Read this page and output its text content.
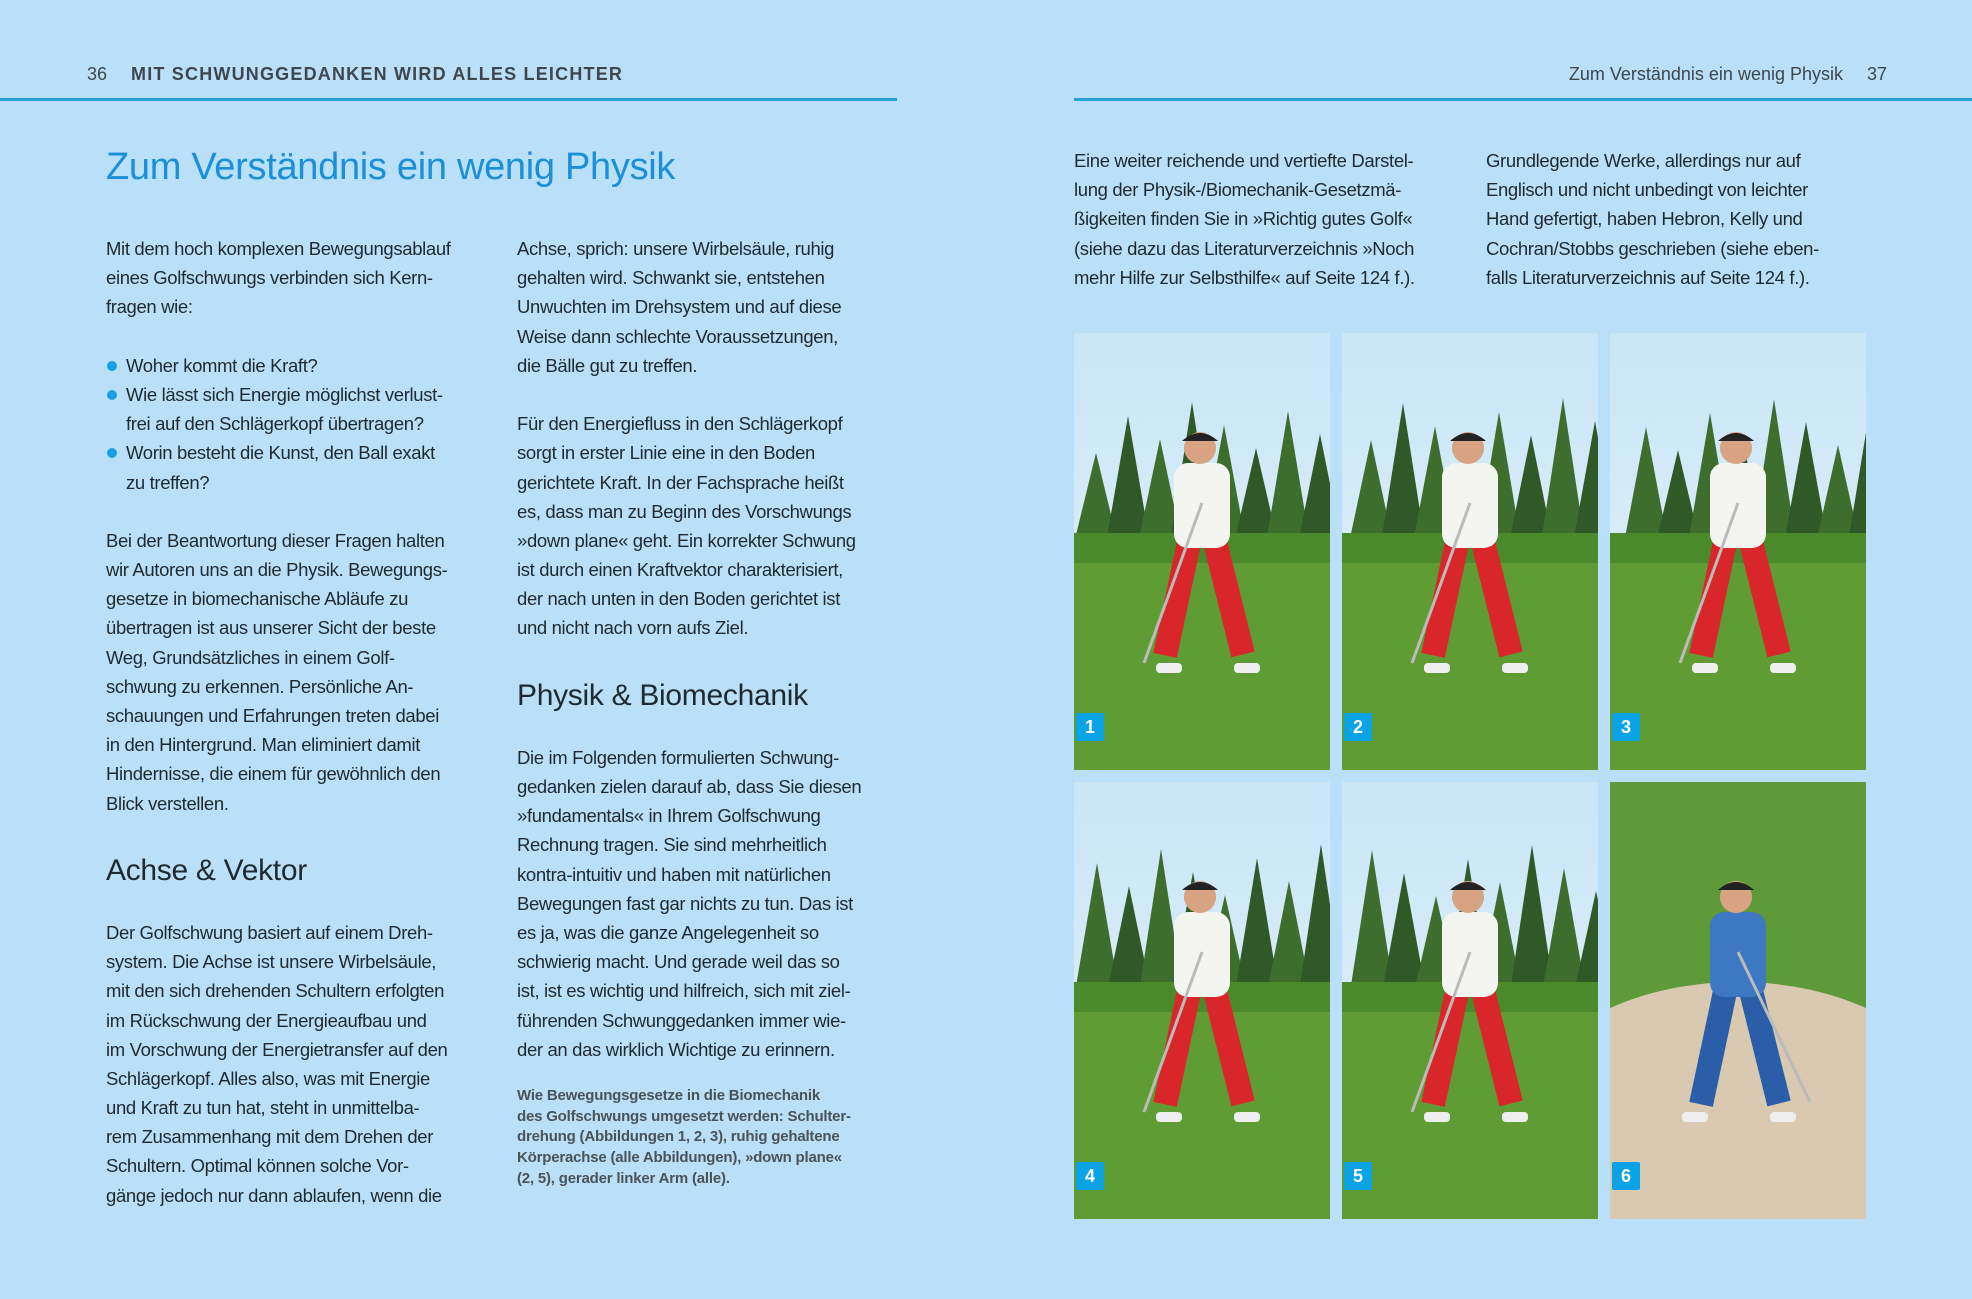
36 MIT SCHWUNGGEDANKEN WIRD ALLES LEICHTER	Zum Verständnis ein wenig Physik 37
Zum Verständnis ein wenig Physik
Mit dem hoch komplexen Bewegungsablauf
eines Golfschwungs verbinden sich Kern-
fragen wie:
Woher kommt die Kraft?
Wie lässt sich Energie möglichst verlust-
frei auf den Schlägerkopf übertragen?
Worin besteht die Kunst, den Ball exakt
zu treffen?
Bei der Beantwortung dieser Fragen halten
wir Autoren uns an die Physik. Bewegungs-
gesetze in biomechanische Abläufe zu
übertragen ist aus unserer Sicht der beste
Weg, Grundsätzliches in einem Golf-
schwung zu erkennen. Persönliche An-
schauungen und Erfahrungen treten dabei
in den Hintergrund. Man eliminiert damit
Hindernisse, die einem für gewöhnlich den
Blick verstellen.
Achse & Vektor
Der Golfschwung basiert auf einem Dreh-
system. Die Achse ist unsere Wirbelsäule,
mit den sich drehenden Schultern erfolgten
im Rückschwung der Energieaufbau und
im Vorschwung der Energietransfer auf den
Schlägerkopf. Alles also, was mit Energie
und Kraft zu tun hat, steht in unmittelba-
rem Zusammenhang mit dem Drehen der
Schultern. Optimal können solche Vor-
gänge jedoch nur dann ablaufen, wenn die
Achse, sprich: unsere Wirbelsäule, ruhig
gehalten wird. Schwankt sie, entstehen
Unwuchten im Drehsystem und auf diese
Weise dann schlechte Voraussetzungen,
die Bälle gut zu treffen.
Für den Energiefluss in den Schlägerkopf
sorgt in erster Linie eine in den Boden
gerichtete Kraft. In der Fachsprache heißt
es, dass man zu Beginn des Vorschwungs
»down plane« geht. Ein korrekter Schwung
ist durch einen Kraftvektor charakterisiert,
der nach unten in den Boden gerichtet ist
und nicht nach vorn aufs Ziel.
Physik & Biomechanik
Die im Folgenden formulierten Schwung-
gedanken zielen darauf ab, dass Sie diesen
»fundamentals« in Ihrem Golfschwung
Rechnung tragen. Sie sind mehrheitlich
kontra-intuitiv und haben mit natürlichen
Bewegungen fast gar nichts zu tun. Das ist
es ja, was die ganze Angelegenheit so
schwierig macht. Und gerade weil das so
ist, ist es wichtig und hilfreich, sich mit ziel-
führenden Schwunggedanken immer wie-
der an das wirklich Wichtige zu erinnern.
Wie Bewegungsgesetze in die Biomechanik
des Golfschwungs umgesetzt werden: Schulter-
drehung (Abbildungen 1, 2, 3), ruhig gehaltene
Körperachse (alle Abbildungen), »down plane«
(2, 5), gerader linker Arm (alle).
Eine weiter reichende und vertiefte Darstel-
lung der Physik-/Biomechanik-Gesetzmä-
ßigkeiten finden Sie in »Richtig gutes Golf«
(siehe dazu das Literaturverzeichnis »Noch
mehr Hilfe zur Selbsthilfe« auf Seite 124 f.).
Grundlegende Werke, allerdings nur auf
Englisch und nicht unbedingt von leichter
Hand gefertigt, haben Hebron, Kelly und
Cochran/Stobbs geschrieben (siehe eben-
falls Literaturverzeichnis auf Seite 124 f.).
1	2	3
4	5	6
